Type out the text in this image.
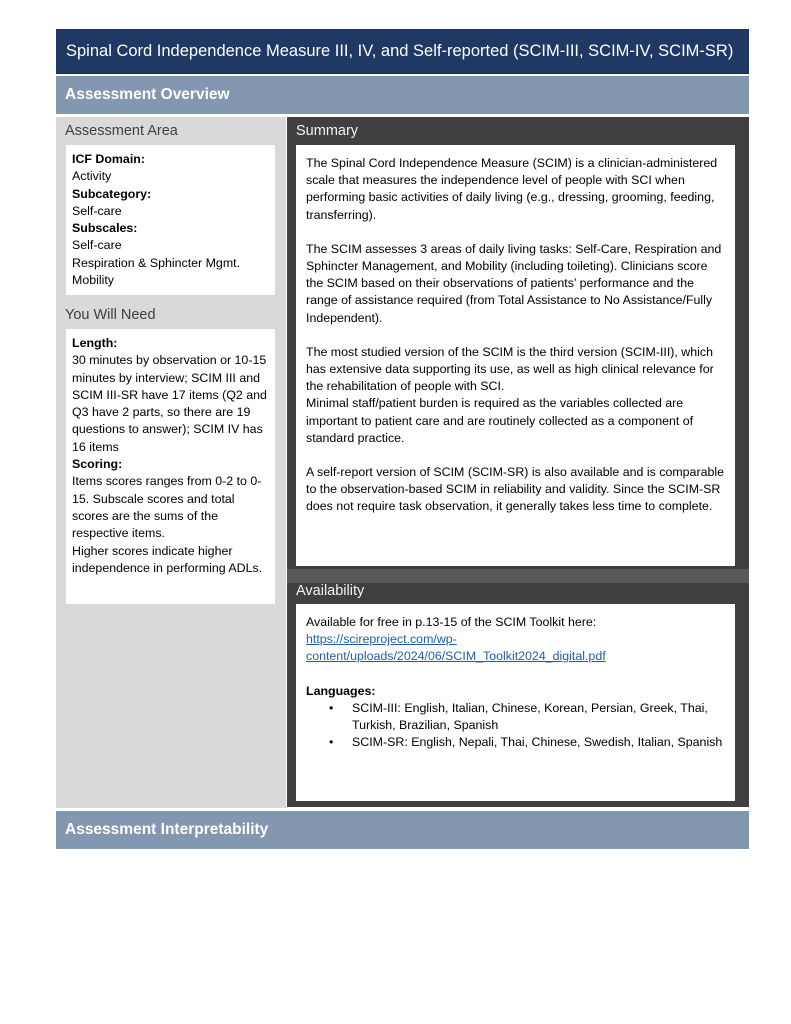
Spinal Cord Independence Measure III, IV, and Self-reported (SCIM-III, SCIM-IV, SCIM-SR)
Assessment Overview
Assessment Area
ICF Domain:
Activity
Subcategory:
Self-care
Subscales:
Self-care
Respiration & Sphincter Mgmt.
Mobility
You Will Need
Length:
30 minutes by observation or 10-15 minutes by interview; SCIM III and SCIM III-SR have 17 items (Q2 and Q3 have 2 parts, so there are 19 questions to answer); SCIM IV has 16 items
Scoring:
Items scores ranges from 0-2 to 0-15. Subscale scores and total scores are the sums of the respective items.
Higher scores indicate higher independence in performing ADLs.
Summary

The Spinal Cord Independence Measure (SCIM) is a clinician-administered scale that measures the independence level of people with SCI when performing basic activities of daily living (e.g., dressing, grooming, feeding, transferring).

The SCIM assesses 3 areas of daily living tasks: Self-Care, Respiration and Sphincter Management, and Mobility (including toileting). Clinicians score the SCIM based on their observations of patients’ performance and the range of assistance required (from Total Assistance to No Assistance/Fully Independent).

The most studied version of the SCIM is the third version (SCIM-III), which has extensive data supporting its use, as well as high clinical relevance for the rehabilitation of people with SCI.

Minimal staff/patient burden is required as the variables collected are important to patient care and are routinely collected as a component of standard practice.

A self-report version of SCIM (SCIM-SR) is also available and is comparable to the observation-based SCIM in reliability and validity. Since the SCIM-SR does not require task observation, it generally takes less time to complete.

Availability
Available for free in p.13-15 of the SCIM Toolkit here:
https://scireproject.com/wp-
content/uploads/2024/06/SCIM_Toolkit2024_digital.pdf
Languages:
• SCIM-III: English, Italian, Chinese, Korean, Persian, Greek, Thai, Turkish, Brazilian, Spanish
• SCIM-SR: English, Nepali, Thai, Chinese, Swedish, Italian, Spanish
Assessment Interpretability
